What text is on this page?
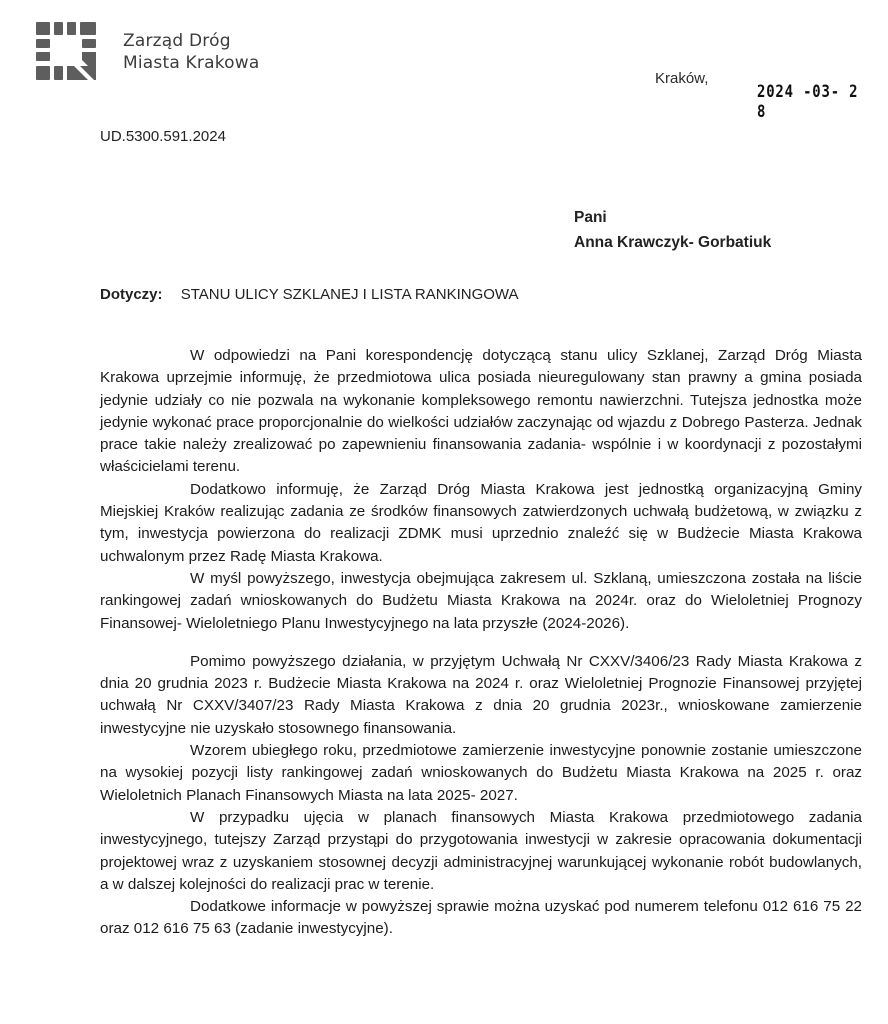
Zarząd Dróg
Miasta Krakowa
Kraków,
2024 -03- 2 8
UD.5300.591.2024
Pani
Anna Krawczyk- Gorbatiuk
Dotyczy: STANU ULICY SZKLANEJ I LISTA RANKINGOWA

W odpowiedzi na Pani korespondencję dotyczącą stanu ulicy Szklanej, Zarząd Dróg Miasta Krakowa uprzejmie informuję, że przedmiotowa ulica posiada nieuregulowany stan prawny a gmina posiada jedynie udziały co nie pozwala na wykonanie kompleksowego remontu nawierzchni. Tutejsza jednostka może jedynie wykonać prace proporcjonalnie do wielkości udziałów zaczynając od wjazdu z Dobrego Pasterza. Jednak prace takie należy zrealizować po zapewnieniu finansowania zadania- wspólnie i w koordynacji z pozostałymi właścicielami terenu.

Dodatkowo informuję, że Zarząd Dróg Miasta Krakowa jest jednostką organizacyjną Gminy Miejskiej Kraków realizując zadania ze środków finansowych zatwierdzonych uchwałą budżetową, w związku z tym, inwestycja powierzona do realizacji ZDMK musi uprzednio znaleźć się w Budżecie Miasta Krakowa uchwalonym przez Radę Miasta Krakowa.

W myśl powyższego, inwestycja obejmująca zakresem ul. Szklaną, umieszczona została na liście rankingowej zadań wnioskowanych do Budżetu Miasta Krakowa na 2024r. oraz do Wieloletniej Prognozy Finansowej- Wieloletniego Planu Inwestycyjnego na lata przyszłe (2024-2026).

Pomimo powyższego działania, w przyjętym Uchwałą Nr CXXV/3406/23 Rady Miasta Krakowa z dnia 20 grudnia 2023 r. Budżecie Miasta Krakowa na 2024 r. oraz Wieloletniej Prognozie Finansowej przyjętej uchwałą Nr CXXV/3407/23 Rady Miasta Krakowa z dnia 20 grudnia 2023r., wnioskowane zamierzenie inwestycyjne nie uzyskało stosownego finansowania.

Wzorem ubiegłego roku, przedmiotowe zamierzenie inwestycyjne ponownie zostanie umieszczone na wysokiej pozycji listy rankingowej zadań wnioskowanych do Budżetu Miasta Krakowa na 2025 r. oraz Wieloletnich Planach Finansowych Miasta na lata 2025- 2027.

W przypadku ujęcia w planach finansowych Miasta Krakowa przedmiotowego zadania inwestycyjnego, tutejszy Zarząd przystąpi do przygotowania inwestycji w zakresie opracowania dokumentacji projektowej wraz z uzyskaniem stosownej decyzji administracyjnej warunkującej wykonanie robót budowlanych, a w dalszej kolejności do realizacji prac w terenie.

Dodatkowe informacje w powyższej sprawie można uzyskać pod numerem telefonu 012 616 75 22 oraz 012 616 75 63 (zadanie inwestycyjne).
